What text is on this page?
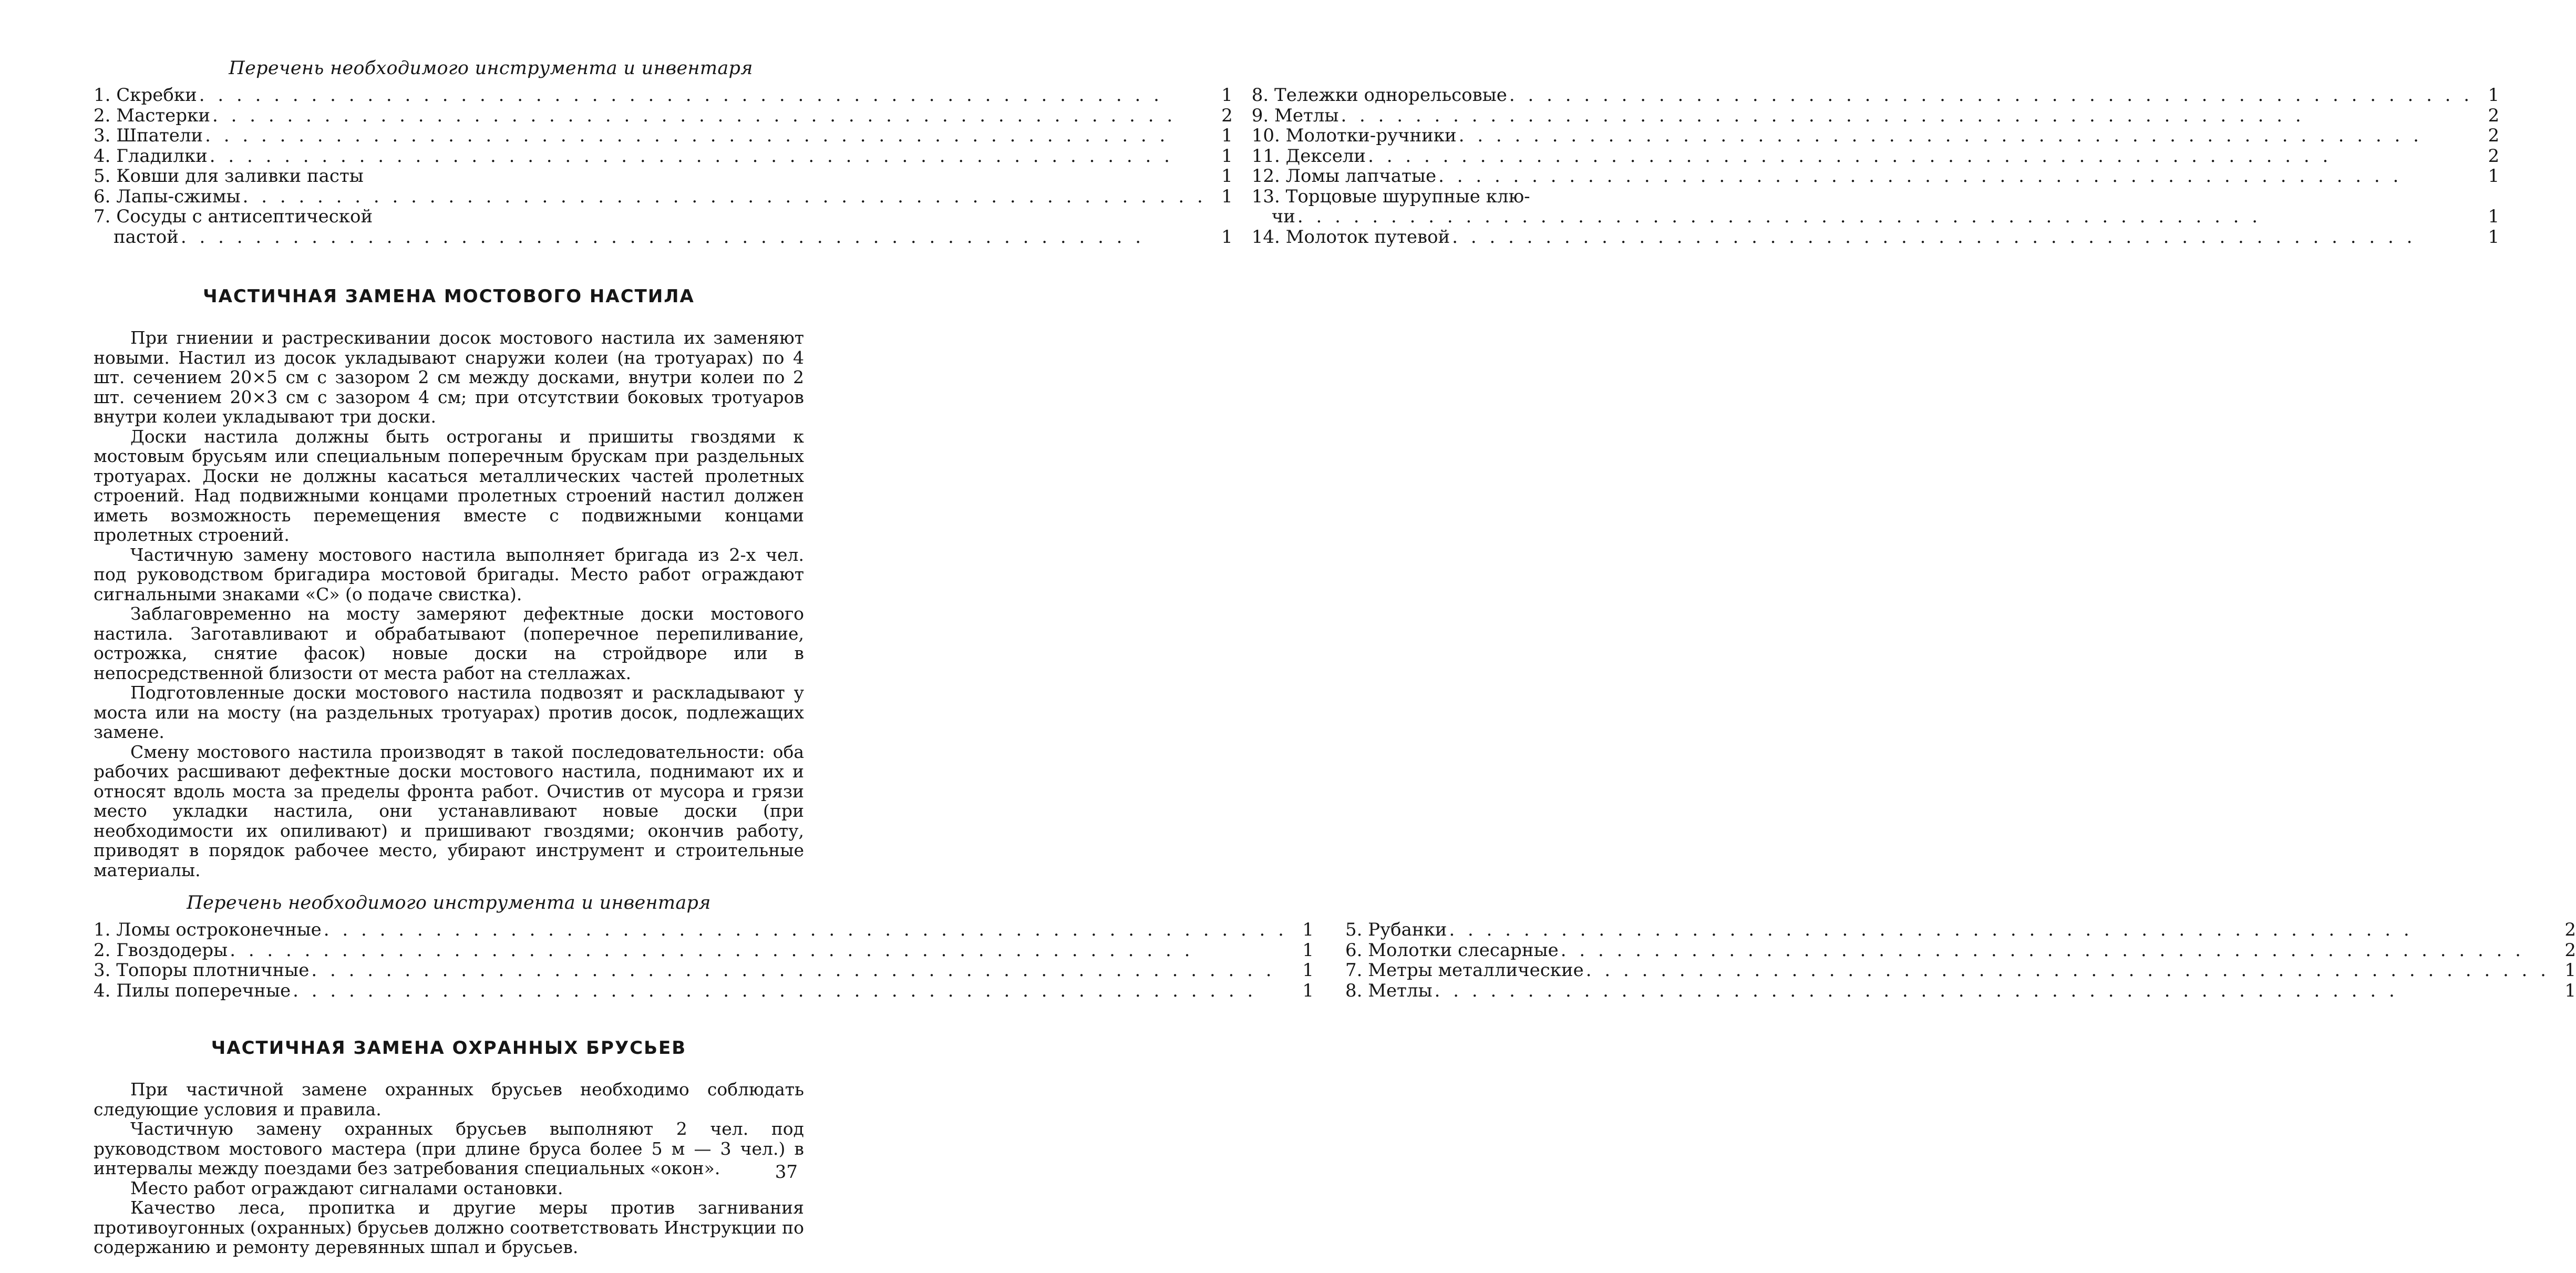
Перечень необходимого инструмента и инвентаря

1. Скребки . . .	1
2. Мастерки . . .	2
3. Шпатели . . .	1
4. Гладилки . . .	1
5. Ковши для заливки пасты	1
6. Лапы-сжимы . . .	1
7. Сосуды с антисептической
пастой . . .	1
8. Тележки однорельсовые . . .	1
9. Метлы . . .	2
10. Молотки-ручники . . .	2
11. Дексели . . .	2
12. Ломы лапчатые . . .	1
13. Торцовые шурупные клю-
чи . . .	1
14. Молоток путевой . . .	1
ЧАСТИЧНАЯ ЗАМЕНА МОСТОВОГО НАСТИЛА

При гниении и растрескивании досок мостового настила их заменяют новыми. Настил из досок укладывают снаружи колеи (на тротуарах) по 4 шт. сечением 20×5 см с зазором 2 см между досками, внутри колеи по 2 шт. сечением 20×3 см с зазором 4 см; при отсутствии боковых тротуаров внутри колеи укладывают три доски.

Доски настила должны быть остроганы и пришиты гвоздями к мостовым брусьям или специальным поперечным брускам при раздельных тротуарах. Доски не должны касаться металлических частей пролетных строений. Над подвижными концами пролетных строений настил должен иметь возможность перемещения вместе с подвижными концами пролетных строений.

Частичную замену мостового настила выполняет бригада из 2-х чел. под руководством бригадира мостовой бригады. Место работ ограждают сигнальными знаками «С» (о подаче свистка).

Заблаговременно на мосту замеряют дефектные доски мостового настила. Заготавливают и обрабатывают (поперечное перепиливание, острожка, снятие фасок) новые доски на стройдворе или в непосредственной близости от места работ на стеллажах.

Подготовленные доски мостового настила подвозят и раскладывают у моста или на мосту (на раздельных тротуарах) против досок, подлежащих замене.

Смену мостового настила производят в такой последовательности: оба рабочих расшивают дефектные доски мостового настила, поднимают их и относят вдоль моста за пределы фронта работ. Очистив от мусора и грязи место укладки настила, они устанавливают новые доски (при необходимости их опиливают) и пришивают гвоздями; окончив работу, приводят в порядок рабочее место, убирают инструмент и строительные материалы.

Перечень необходимого инструмента и инвентаря

1. Ломы остроконечные . . .	1
2. Гвоздодеры . . .	1
3. Топоры плотничные . . .	1
4. Пилы поперечные . . .	1
5. Рубанки . . .	2
6. Молотки слесарные . . .	2
7. Метры металлические . . .	1
8. Метлы . . .	1
ЧАСТИЧНАЯ ЗАМЕНА ОХРАННЫХ БРУСЬЕВ

При частичной замене охранных брусьев необходимо соблюдать следующие условия и правила.

Частичную замену охранных брусьев выполняют 2 чел. под руководством мостового мастера (при длине бруса более 5 м — 3 чел.) в интервалы между поездами без затребования специальных «окон».

Место работ ограждают сигналами остановки.

Качество леса, пропитка и другие меры против загнивания противоугонных (охранных) брусьев должно соответствовать Инструкции по содержанию и ремонту деревянных шпал и брусьев.

37
